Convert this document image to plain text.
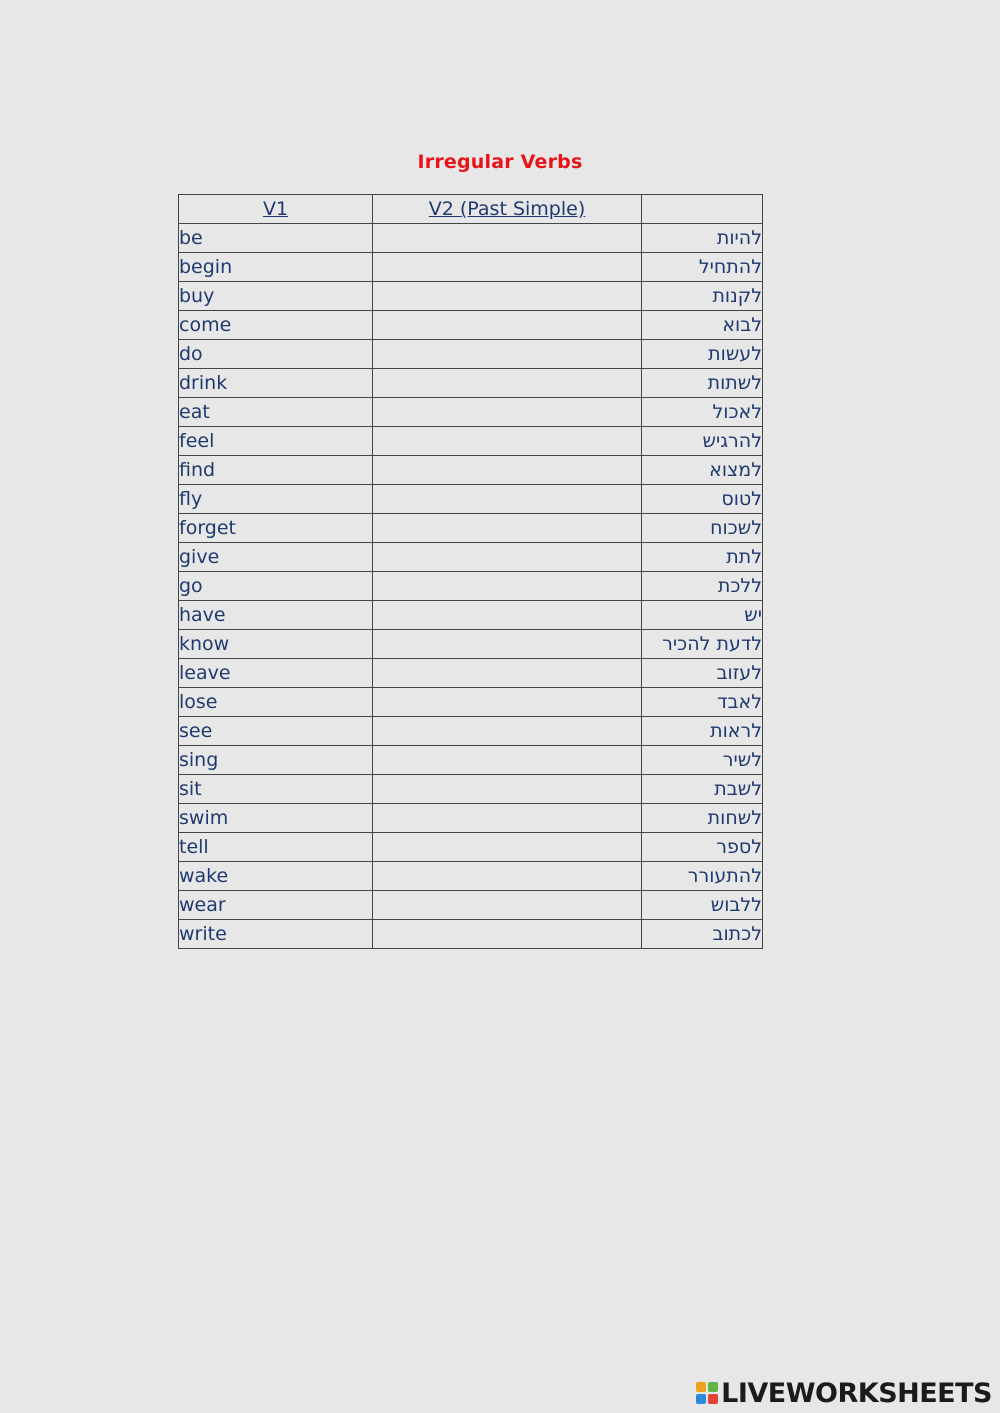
Irregular Verbs
V1	V2 (Past Simple)	
be		להיות
begin		להתחיל
buy		לקנות
come		לבוא
do		לעשות
drink		לשתות
eat		לאכול
feel		להרגיש
find		למצוא
fly		לטוס
forget		לשכוח
give		לתת
go		ללכת
have		יש
know		לדעת להכיר
leave		לעזוב
lose		לאבד
see		לראות
sing		לשיר
sit		לשבת
swim		לשחות
tell		לספר
wake		להתעורר
wear		ללבוש
write		לכתוב
LIVEWORKSHEETS
